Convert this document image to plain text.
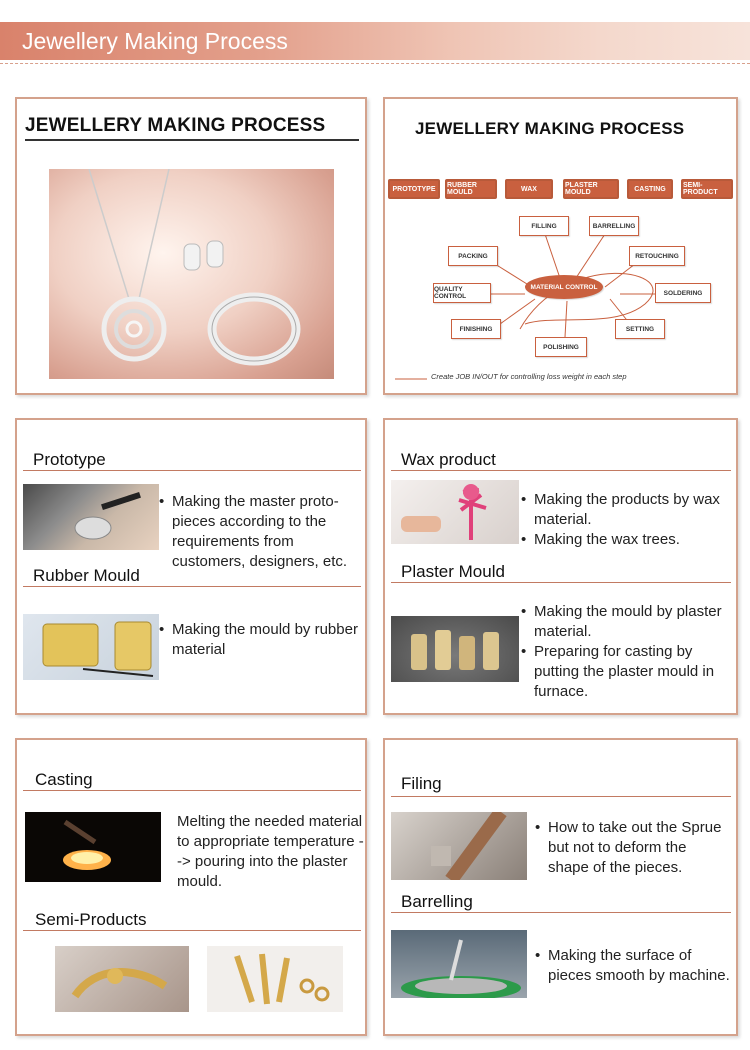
Jewellery Making Process
JEWELLERY MAKING PROCESS	JEWELLERY MAKING PROCESS
PROTOTYPE	RUBBER MOULD	WAX	PLASTER MOULD	CASTING	SEMI-PRODUCT
MATERIAL CONTROL
FILLING	BARRELLING
PACKING	RETOUCHING
QUALITY CONTROL	SOLDERING
FINISHING	SETTING
POLISHING
Create JOB IN/OUT for controlling loss weight in each step
Prototype
• Making the master proto-pieces according to the requirements from customers, designers, etc.
Rubber Mould
• Making the mould by rubber material
Wax product
• Making the products by wax material.
• Making the wax trees.
Plaster Mould
• Making the mould by plaster material.
• Preparing for casting by putting the plaster mould in furnace.
Casting
Melting the needed material to appropriate temperature --> pouring into the plaster mould.
Semi-Products
Filing
• How to take out the Sprue but not to deform the shape of the pieces.
Barrelling
• Making the surface of pieces smooth by machine.
